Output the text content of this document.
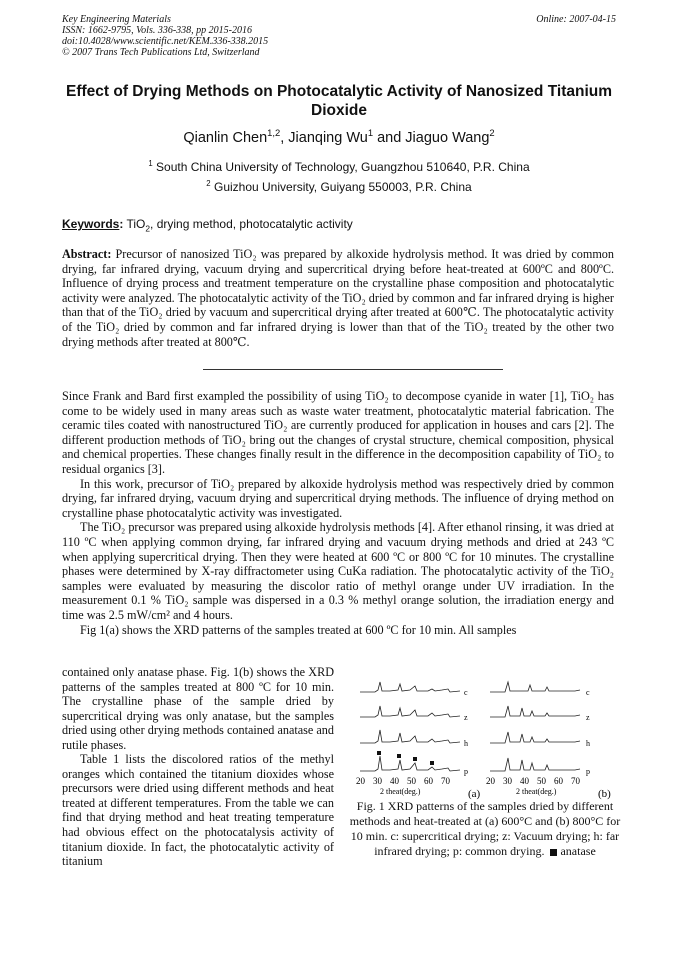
Key Engineering Materials
ISSN: 1662-9795, Vols. 336-338, pp 2015-2016
doi:10.4028/www.scientific.net/KEM.336-338.2015
© 2007 Trans Tech Publications Ltd, Switzerland
Online: 2007-04-15
Effect of Drying Methods on Photocatalytic Activity of Nanosized Titanium Dioxide
Qianlin Chen$^{1,2}$, Jianqing Wu$^1$ and Jiaguo Wang$^2$
$^1$ South China University of Technology, Guangzhou 510640, P.R. China
$^2$ Guizhou University, Guiyang 550003, P.R. China
Keywords: TiO$_2$, drying method, photocatalytic activity

Abstract: Precursor of nanosized TiO₂ was prepared by alkoxide hydrolysis method. It was dried by common drying, far infrared drying, vacuum drying and supercritical drying before heat-treated at 600ºC and 800ºC. Influence of drying process and treatment temperature on the crystalline phase composition and photocatalytic activity were analyzed. The photocatalytic activity of the TiO₂ dried by common and far infrared drying is higher than that of the TiO₂ dried by vacuum and supercritical drying after treated at 600℃. The photocatalytic activity of the TiO₂ dried by common and far infrared drying is lower than that of the TiO₂ treated by the other two drying methods after treated at 800℃.

Since Frank and Bard first exampled the possibility of using TiO₂ to decompose cyanide in water [1], TiO₂ has come to be widely used in many areas such as waste water treatment, photocatalytic material fabrication. The ceramic tiles coated with nanostructured TiO₂ are currently produced for application in houses and cars [2]. The different production methods of TiO₂ bring out the changes of crystal structure, chemical composition, physical and chemical properties. These changes finally result in the difference in the decomposition capability of TiO₂ to residual organics [3].

In this work, precursor of TiO₂ prepared by alkoxide hydrolysis method was respectively dried by common drying, far infrared drying, vacuum drying and supercritical drying methods. The influence of drying method on crystalline phase photocatalytic activity was investigated.

The TiO₂ precursor was prepared using alkoxide hydrolysis methods [4]. After ethanol rinsing, it was dried at 110 ºC when applying common drying, far infrared drying and vacuum drying methods and dried at 243 ºC when applying supercritical drying. Then they were heated at 600 ºC or 800 ºC for 10 minutes. The crystalline phases were determined by X-ray diffractometer using CuKa radiation. The photocatalytic activity of the TiO₂ samples were evaluated by measuring the discolor ratio of methyl orange under UV irradiation. In the measurement 0.1 % TiO₂ sample was dispersed in a 0.3 % methyl orange solution, the irradiation energy and time was 2.5 mW/cm² and 4 hours.

Fig 1(a) shows the XRD patterns of the samples treated at 600 ºC for 10 min. All samples

contained only anatase phase. Fig. 1(b) shows the XRD patterns of the samples treated at 800 ºC for 10 min. The crystalline phase of the sample dried by supercritical drying was only anatase, but the samples dried using other drying methods contained anatase and rutile phases.

Table 1 lists the discolored ratios of the methyl oranges which contained the titanium dioxides whose precursors were dried using different methods and heat treated at different temperatures. From the table we can find that drying method and heat treating temperature had obvious effect on the photocatalysis activity of titanium dioxide. In fact, the photocatalytic activity of titanium

c
z
h
p
c
z
h
p
20 30 40 50 60 70	20 30 40 50 60 70
2 theat(deg.)	2 theat(deg.)
(a)	(b)
Fig. 1 XRD patterns of the samples dried by different methods and heat-treated at (a) 600°C and (b) 800°C for 10 min. c: supercritical drying; z: Vacuum drying; h: far infrared drying; p: common drying. anatase
